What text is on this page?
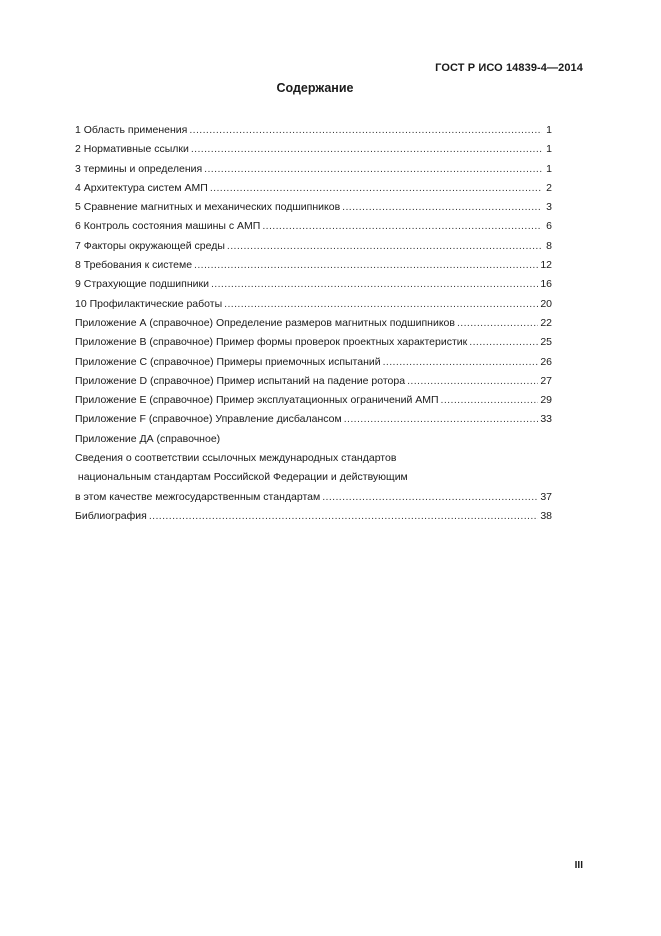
ГОСТ Р ИСО 14839-4—2014
Содержание
1 Область применения .....	1
2 Нормативные ссылки .....	1
3 термины и определения .....	1
4 Архитектура систем АМП .....	2
5 Сравнение магнитных и механических подшипников .....	3
6 Контроль состояния машины с АМП .....	6
7 Факторы окружающей среды .....	8
8 Требования к системе .....	12
9 Страхующие подшипники .....	16
10 Профилактические работы .....	20
Приложение А (справочное) Определение размеров магнитных подшипников .....	22
Приложение В (справочное) Пример формы проверок проектных характеристик .....	25
Приложение С (справочное) Примеры приемочных испытаний .....	26
Приложение D (справочное) Пример испытаний на падение ротора .....	27
Приложение Е (справочное) Пример эксплуатационных ограничений АМП .....	29
Приложение F (справочное) Управление дисбалансом .....	33
Приложение ДА (справочное)
Сведения о соответствии ссылочных международных стандартов
национальным стандартам Российской Федерации и действующим
в этом качестве межгосударственным стандартам .....	37
Библиография .....	38
III
